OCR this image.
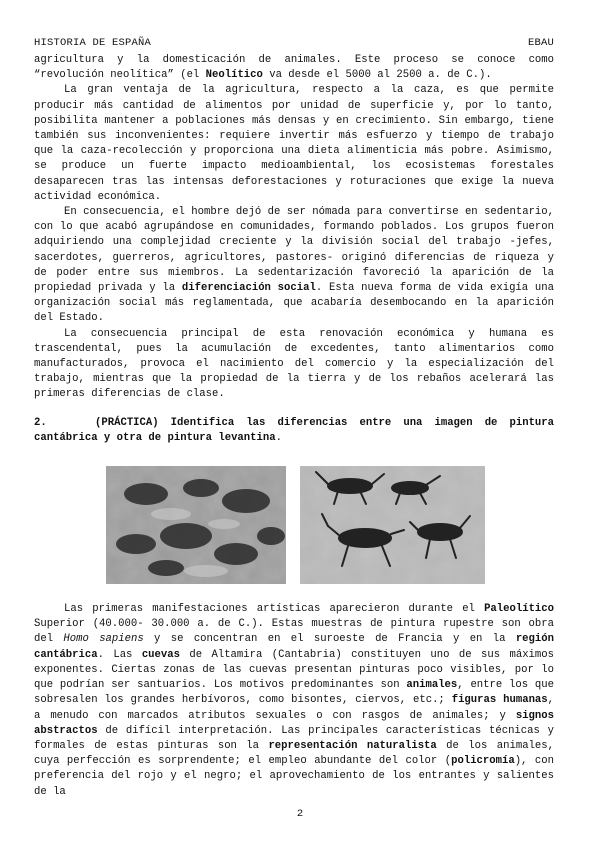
HISTORIA DE ESPAÑA	EBAU

agricultura y la domesticación de animales. Este proceso se conoce como “revolución neolítica” (el Neolítico va desde el 5000 al 2500 a. de C.).

La gran ventaja de la agricultura, respecto a la caza, es que permite producir más cantidad de alimentos por unidad de superficie y, por lo tanto, posibilita mantener a poblaciones más densas y en crecimiento. Sin embargo, tiene también sus inconvenientes: requiere invertir más esfuerzo y tiempo de trabajo que la caza-recolección y proporciona una dieta alimenticia más pobre. Asimismo, se produce un fuerte impacto medioambiental, los ecosistemas forestales desaparecen tras las intensas deforestaciones y roturaciones que exige la nueva actividad económica.

En consecuencia, el hombre dejó de ser nómada para convertirse en sedentario, con lo que acabó agrupándose en comunidades, formando poblados. Los grupos fueron adquiriendo una complejidad creciente y la división social del trabajo -jefes, sacerdotes, guerreros, agricultores, pastores- originó diferencias de riqueza y de poder entre sus miembros. La sedentarización favoreció la aparición de la propiedad privada y la diferenciación social. Esta nueva forma de vida exigía una organización social más reglamentada, que acabaría desembocando en la aparición del Estado.

La consecuencia principal de esta renovación económica y humana es trascendental, pues la acumulación de excedentes, tanto alimentarios como manufacturados, provoca el nacimiento del comercio y la especialización del trabajo, mientras que la propiedad de la tierra y de los rebaños acelerará las primeras diferencias de clase.

2.	(PRÁCTICA) Identifica las diferencias entre una imagen de pintura cantábrica y otra de pintura levantina.

Las primeras manifestaciones artísticas aparecieron durante el Paleolítico Superior (40.000- 30.000 a. de C.). Estas muestras de pintura rupestre son obra del Homo sapiens y se concentran en el suroeste de Francia y en la región cantábrica. Las cuevas de Altamira (Cantabria) constituyen uno de sus máximos exponentes. Ciertas zonas de las cuevas presentan pinturas poco visibles, por lo que podrían ser santuarios. Los motivos predominantes son animales, entre los que sobresalen los grandes herbívoros, como bisontes, ciervos, etc.; figuras humanas, a menudo con marcados atributos sexuales o con rasgos de animales; y signos abstractos de difícil interpretación. Las principales características técnicas y formales de estas pinturas son la representación naturalista de los animales, cuya perfección es sorprendente; el empleo abundante del color (policromía), con preferencia del rojo y el negro; el aprovechamiento de los entrantes y salientes de la

2
